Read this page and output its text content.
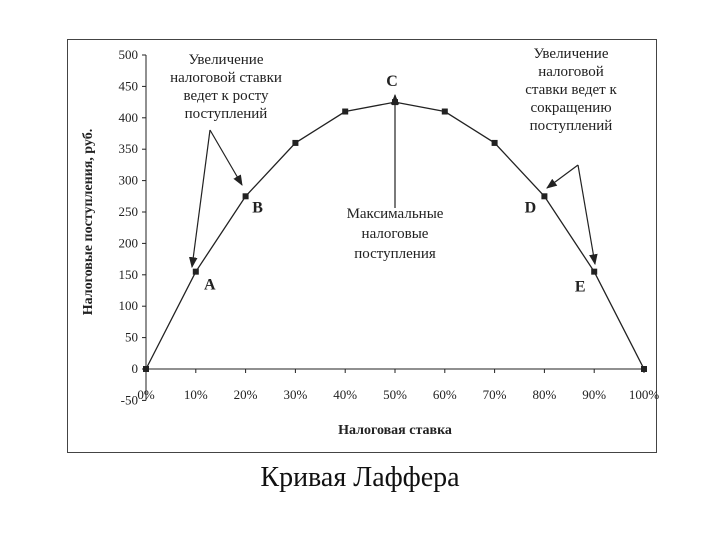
-50
0
50
100
150
200
250
300
350
400
450
500
0% 10% 20% 30% 40% 50% 60% 70% 80% 90% 100%
Налоговая ставка
Налоговые поступления, руб.	A
B
C
D
E
Увеличение
налоговой ставки
ведет к росту
поступлений
Максимальные
налоговые
поступления
Увеличение
налоговой
ставки ведет к
сокращению
поступлений
Кривая Лаффера
